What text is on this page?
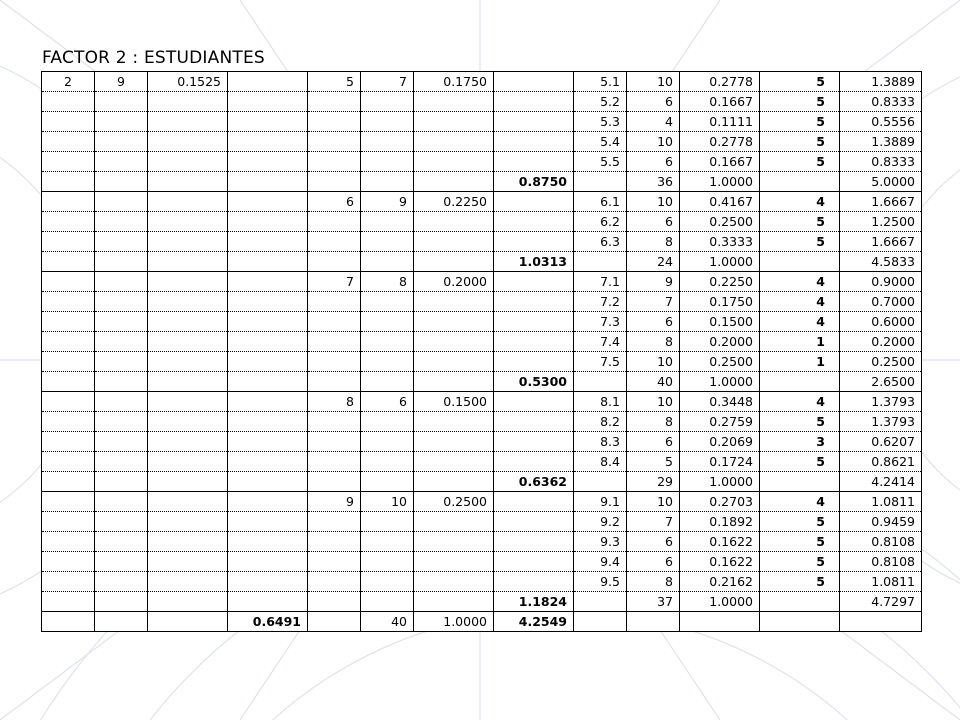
FACTOR 2 : ESTUDIANTES
2	9	0.1525		5	7	0.1750		5.1	10	0.2778	5	1.3889
								5.2	6	0.1667	5	0.8333
								5.3	4	0.1111	5	0.5556
								5.4	10	0.2778	5	1.3889
								5.5	6	0.1667	5	0.8333
							0.8750		36	1.0000		5.0000
				6	9	0.2250		6.1	10	0.4167	4	1.6667
								6.2	6	0.2500	5	1.2500
								6.3	8	0.3333	5	1.6667
							1.0313		24	1.0000		4.5833
				7	8	0.2000		7.1	9	0.2250	4	0.9000
								7.2	7	0.1750	4	0.7000
								7.3	6	0.1500	4	0.6000
								7.4	8	0.2000	1	0.2000
								7.5	10	0.2500	1	0.2500
							0.5300		40	1.0000		2.6500
				8	6	0.1500		8.1	10	0.3448	4	1.3793
								8.2	8	0.2759	5	1.3793
								8.3	6	0.2069	3	0.6207
								8.4	5	0.1724	5	0.8621
							0.6362		29	1.0000		4.2414
				9	10	0.2500		9.1	10	0.2703	4	1.0811
								9.2	7	0.1892	5	0.9459
								9.3	6	0.1622	5	0.8108
								9.4	6	0.1622	5	0.8108
								9.5	8	0.2162	5	1.0811
							1.1824		37	1.0000		4.7297
			0.6491		40	1.0000	4.2549					
